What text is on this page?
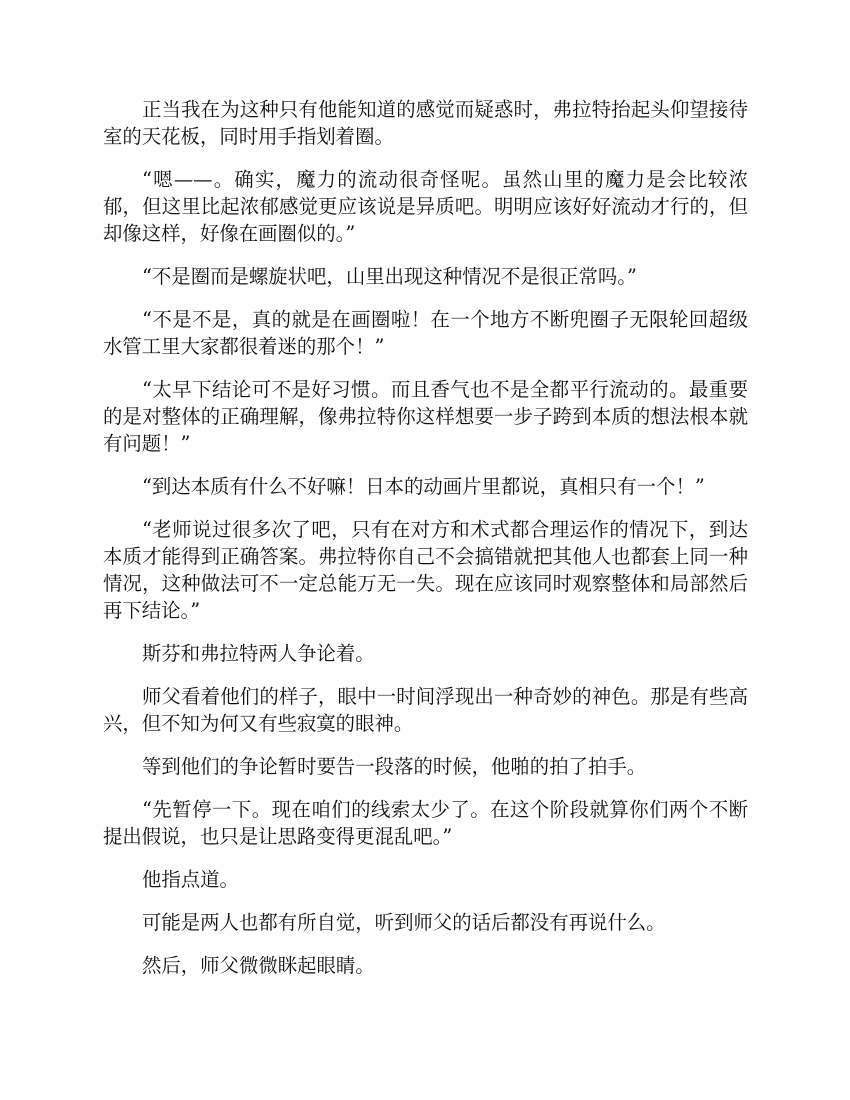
正当我在为这种只有他能知道的感觉而疑惑时，弗拉特抬起头仰望接待室的天花板，同时用手指划着圈。

“嗯——。确实，魔力的流动很奇怪呢。虽然山里的魔力是会比较浓郁，但这里比起浓郁感觉更应该说是异质吧。明明应该好好流动才行的，但却像这样，好像在画圈似的。”

“不是圈而是螺旋状吧，山里出现这种情况不是很正常吗。”

“不是不是，真的就是在画圈啦！在一个地方不断兜圈子无限轮回超级水管工里大家都很着迷的那个！”

“太早下结论可不是好习惯。而且香气也不是全都平行流动的。最重要的是对整体的正确理解，像弗拉特你这样想要一步子跨到本质的想法根本就有问题！”

“到达本质有什么不好嘛！日本的动画片里都说，真相只有一个！”

“老师说过很多次了吧，只有在对方和术式都合理运作的情况下，到达本质才能得到正确答案。弗拉特你自己不会搞错就把其他人也都套上同一种情况，这种做法可不一定总能万无一失。现在应该同时观察整体和局部然后再下结论。”

斯芬和弗拉特两人争论着。

师父看着他们的样子，眼中一时间浮现出一种奇妙的神色。那是有些高兴，但不知为何又有些寂寞的眼神。

等到他们的争论暂时要告一段落的时候，他啪的拍了拍手。

“先暂停一下。现在咱们的线索太少了。在这个阶段就算你们两个不断提出假说，也只是让思路变得更混乱吧。”

他指点道。

可能是两人也都有所自觉，听到师父的话后都没有再说什么。

然后，师父微微眯起眼睛。
